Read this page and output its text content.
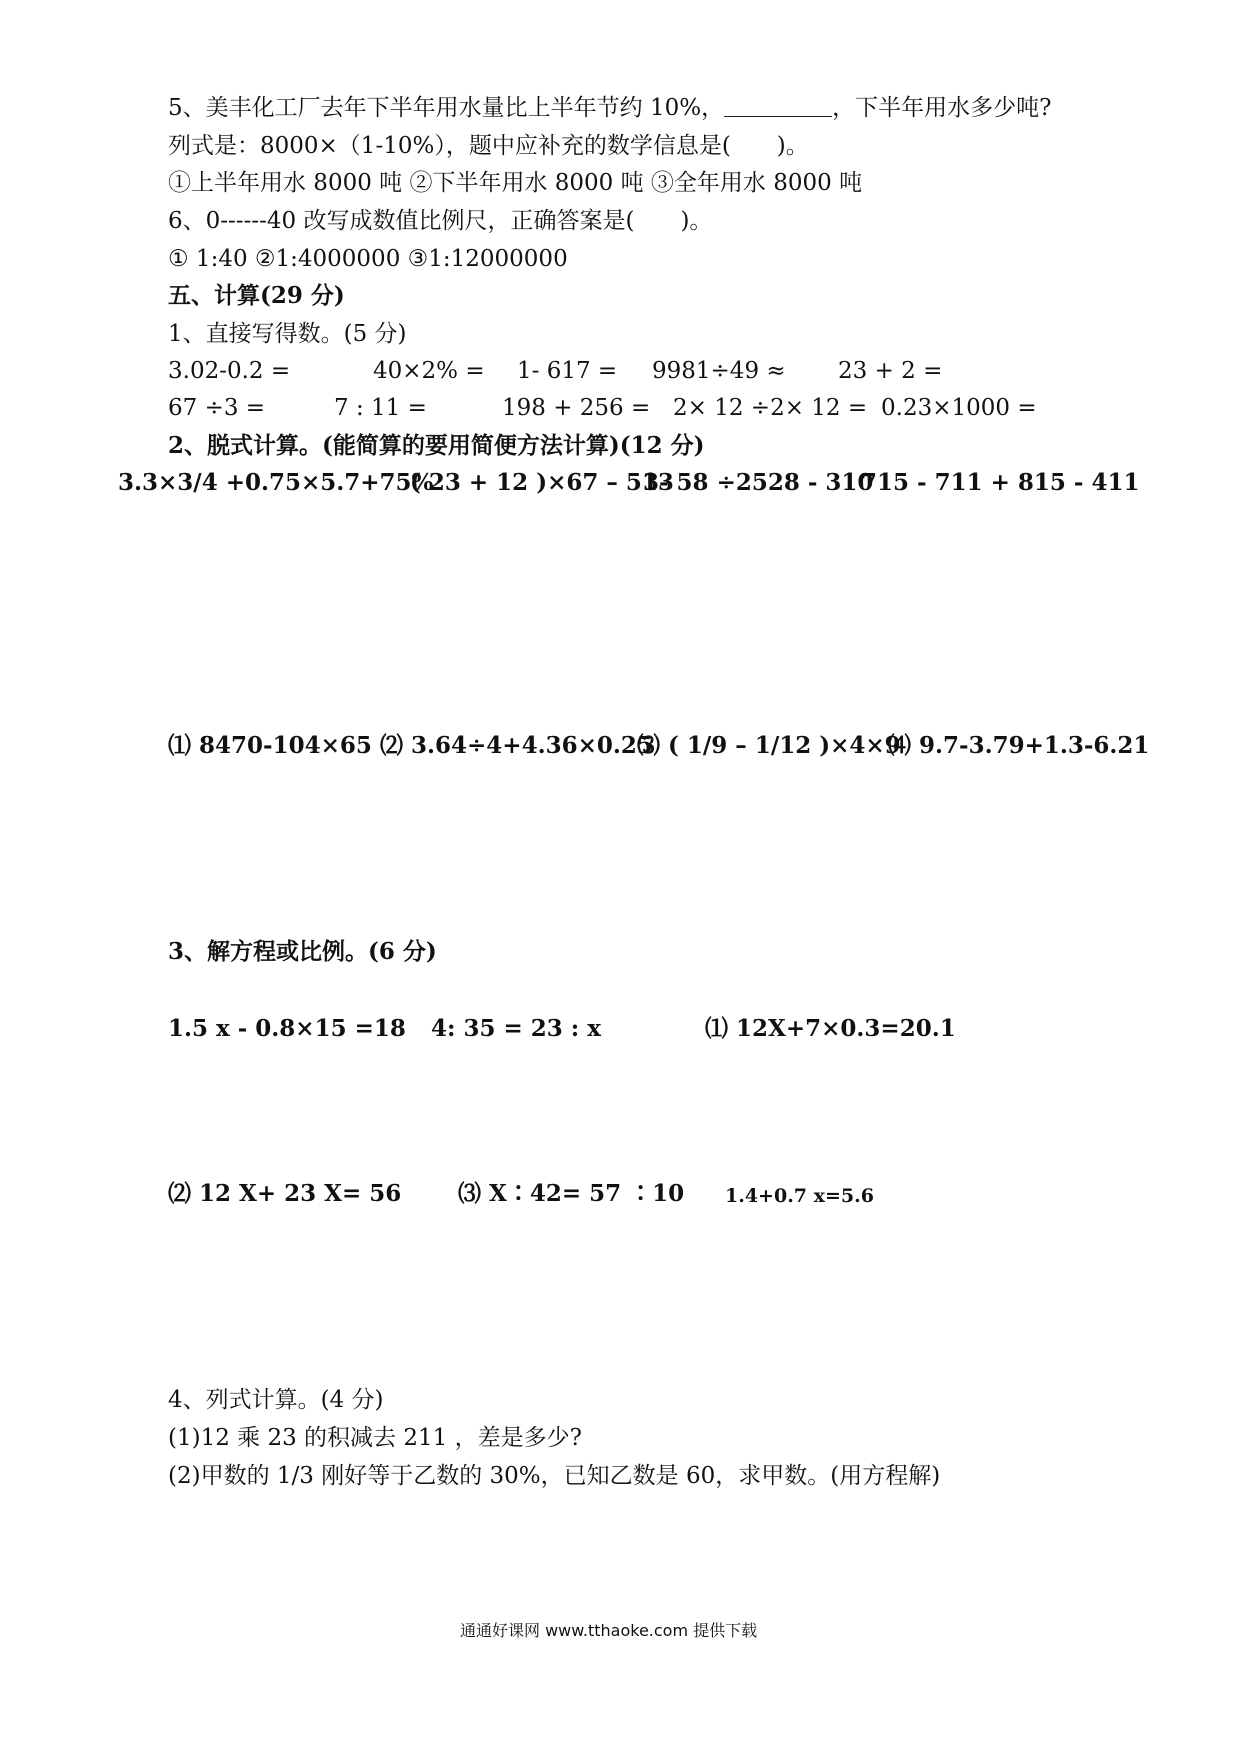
5、美丰化工厂去年下半年用水量比上半年节约 10%，	，下半年用水多少吨?
列式是：8000×（1-10%），题中应补充的数学信息是(　　)。
①上半年用水 8000 吨 ②下半年用水 8000 吨 ③全年用水 8000 吨
6、0------40 改写成数值比例尺，正确答案是(　　)。
① 1:40 ②1:4000000 ③1:12000000
五、计算(29 分)
1、直接写得数。(5 分)
3.02-0.2 =	40×2% = 1- 617 = 9981÷49 ≈ 23 + 2 =
67 ÷3 =	7 : 11 =	198 + 256 = 2× 12 ÷2× 12 = 0.23×1000 =
2、脱式计算。(能简算的要用简便方法计算)(12 分)
3.3×3/4 +0.75×5.7+75%
( 23 + 12 )×67 – 513
3- 58 ÷2528 - 310
715 - 711 + 815 - 411
⑴ 8470-104×65 ⑵ 3.64÷4+4.36×0.25
⑶ ( 1/9 – 1/12 )×4×9
⑷ 9.7-3.79+1.3-6.21
3、解方程或比例。(6 分)
1.5 x - 0.8×15 =18 4: 35 = 23 : x	⑴ 12X+7×0.3=20.1
⑵ 12 X+ 23 X= 56 ⑶ X∶42= 57 ∶10 1.4+0.7 x=5.6
4、列式计算。(4 分)
(1)12 乘 23 的积减去 211 ，差是多少?
(2)甲数的 1/3 刚好等于乙数的 30%，已知乙数是 60，求甲数。(用方程解)
通通好课网 www.tthaoke.com 提供下载
